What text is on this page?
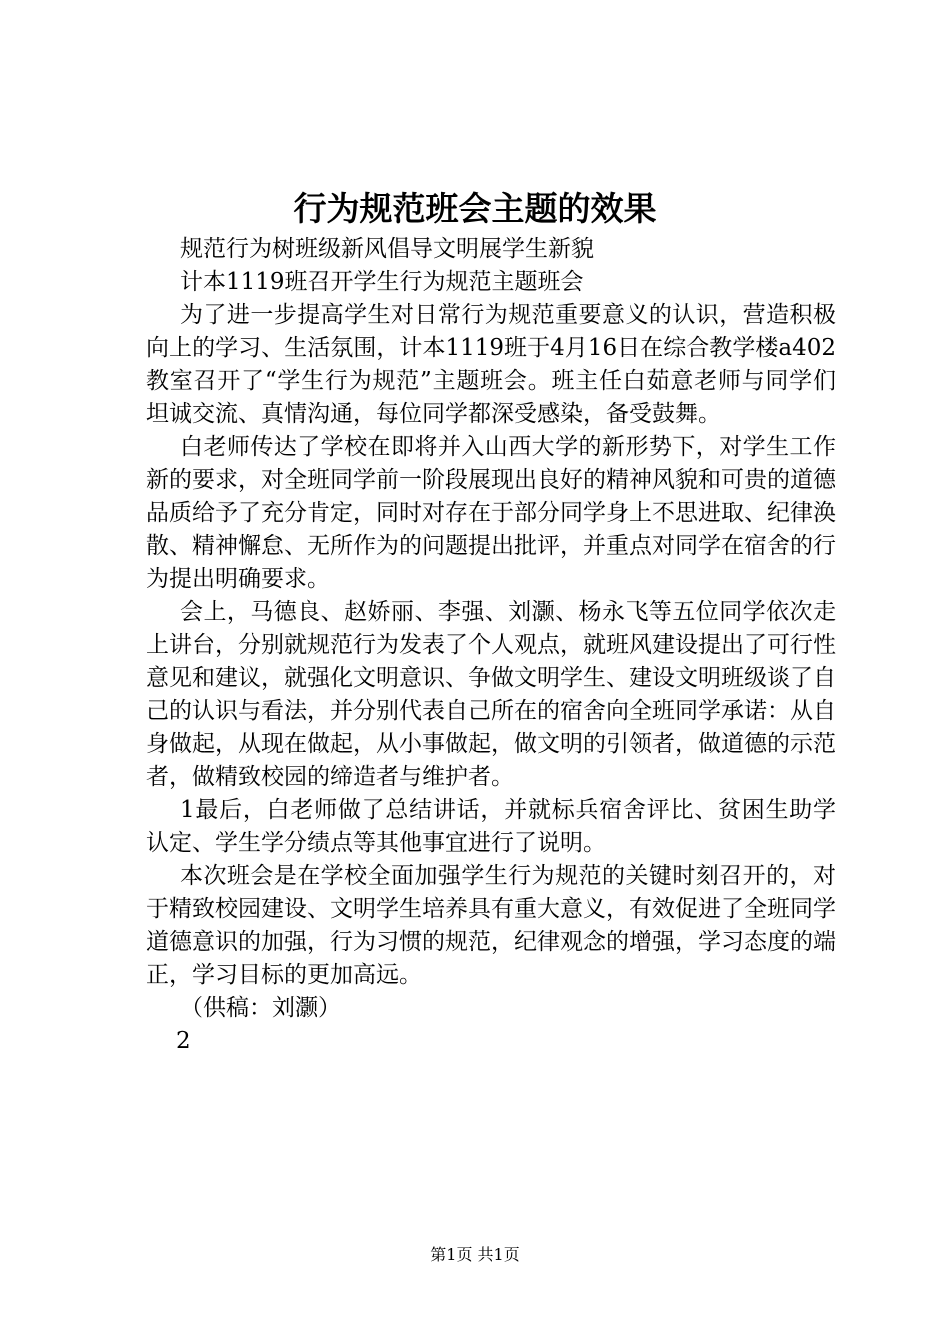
行为规范班会主题的效果

规范行为树班级新风倡导文明展学生新貌

计本1119班召开学生行为规范主题班会

为了进一步提高学生对日常行为规范重要意义的认识，营造积极向上的学习、生活氛围，计本1119班于4月16日在综合教学楼a402教室召开了“学生行为规范”主题班会。班主任白茹意老师与同学们坦诚交流、真情沟通，每位同学都深受感染，备受鼓舞。

白老师传达了学校在即将并入山西大学的新形势下，对学生工作新的要求，对全班同学前一阶段展现出良好的精神风貌和可贵的道德品质给予了充分肯定，同时对存在于部分同学身上不思进取、纪律涣散、精神懈怠、无所作为的问题提出批评，并重点对同学在宿舍的行为提出明确要求。

会上，马德良、赵娇丽、李强、刘灏、杨永飞等五位同学依次走上讲台，分别就规范行为发表了个人观点，就班风建设提出了可行性意见和建议，就强化文明意识、争做文明学生、建设文明班级谈了自己的认识与看法，并分别代表自己所在的宿舍向全班同学承诺：从自身做起，从现在做起，从小事做起，做文明的引领者，做道德的示范者，做精致校园的缔造者与维护者。

1最后，白老师做了总结讲话，并就标兵宿舍评比、贫困生助学认定、学生学分绩点等其他事宜进行了说明。

本次班会是在学校全面加强学生行为规范的关键时刻召开的，对于精致校园建设、文明学生培养具有重大意义，有效促进了全班同学道德意识的加强，行为习惯的规范，纪律观念的增强，学习态度的端正，学习目标的更加高远。

（供稿：刘灏）

2

第1页 共1页
